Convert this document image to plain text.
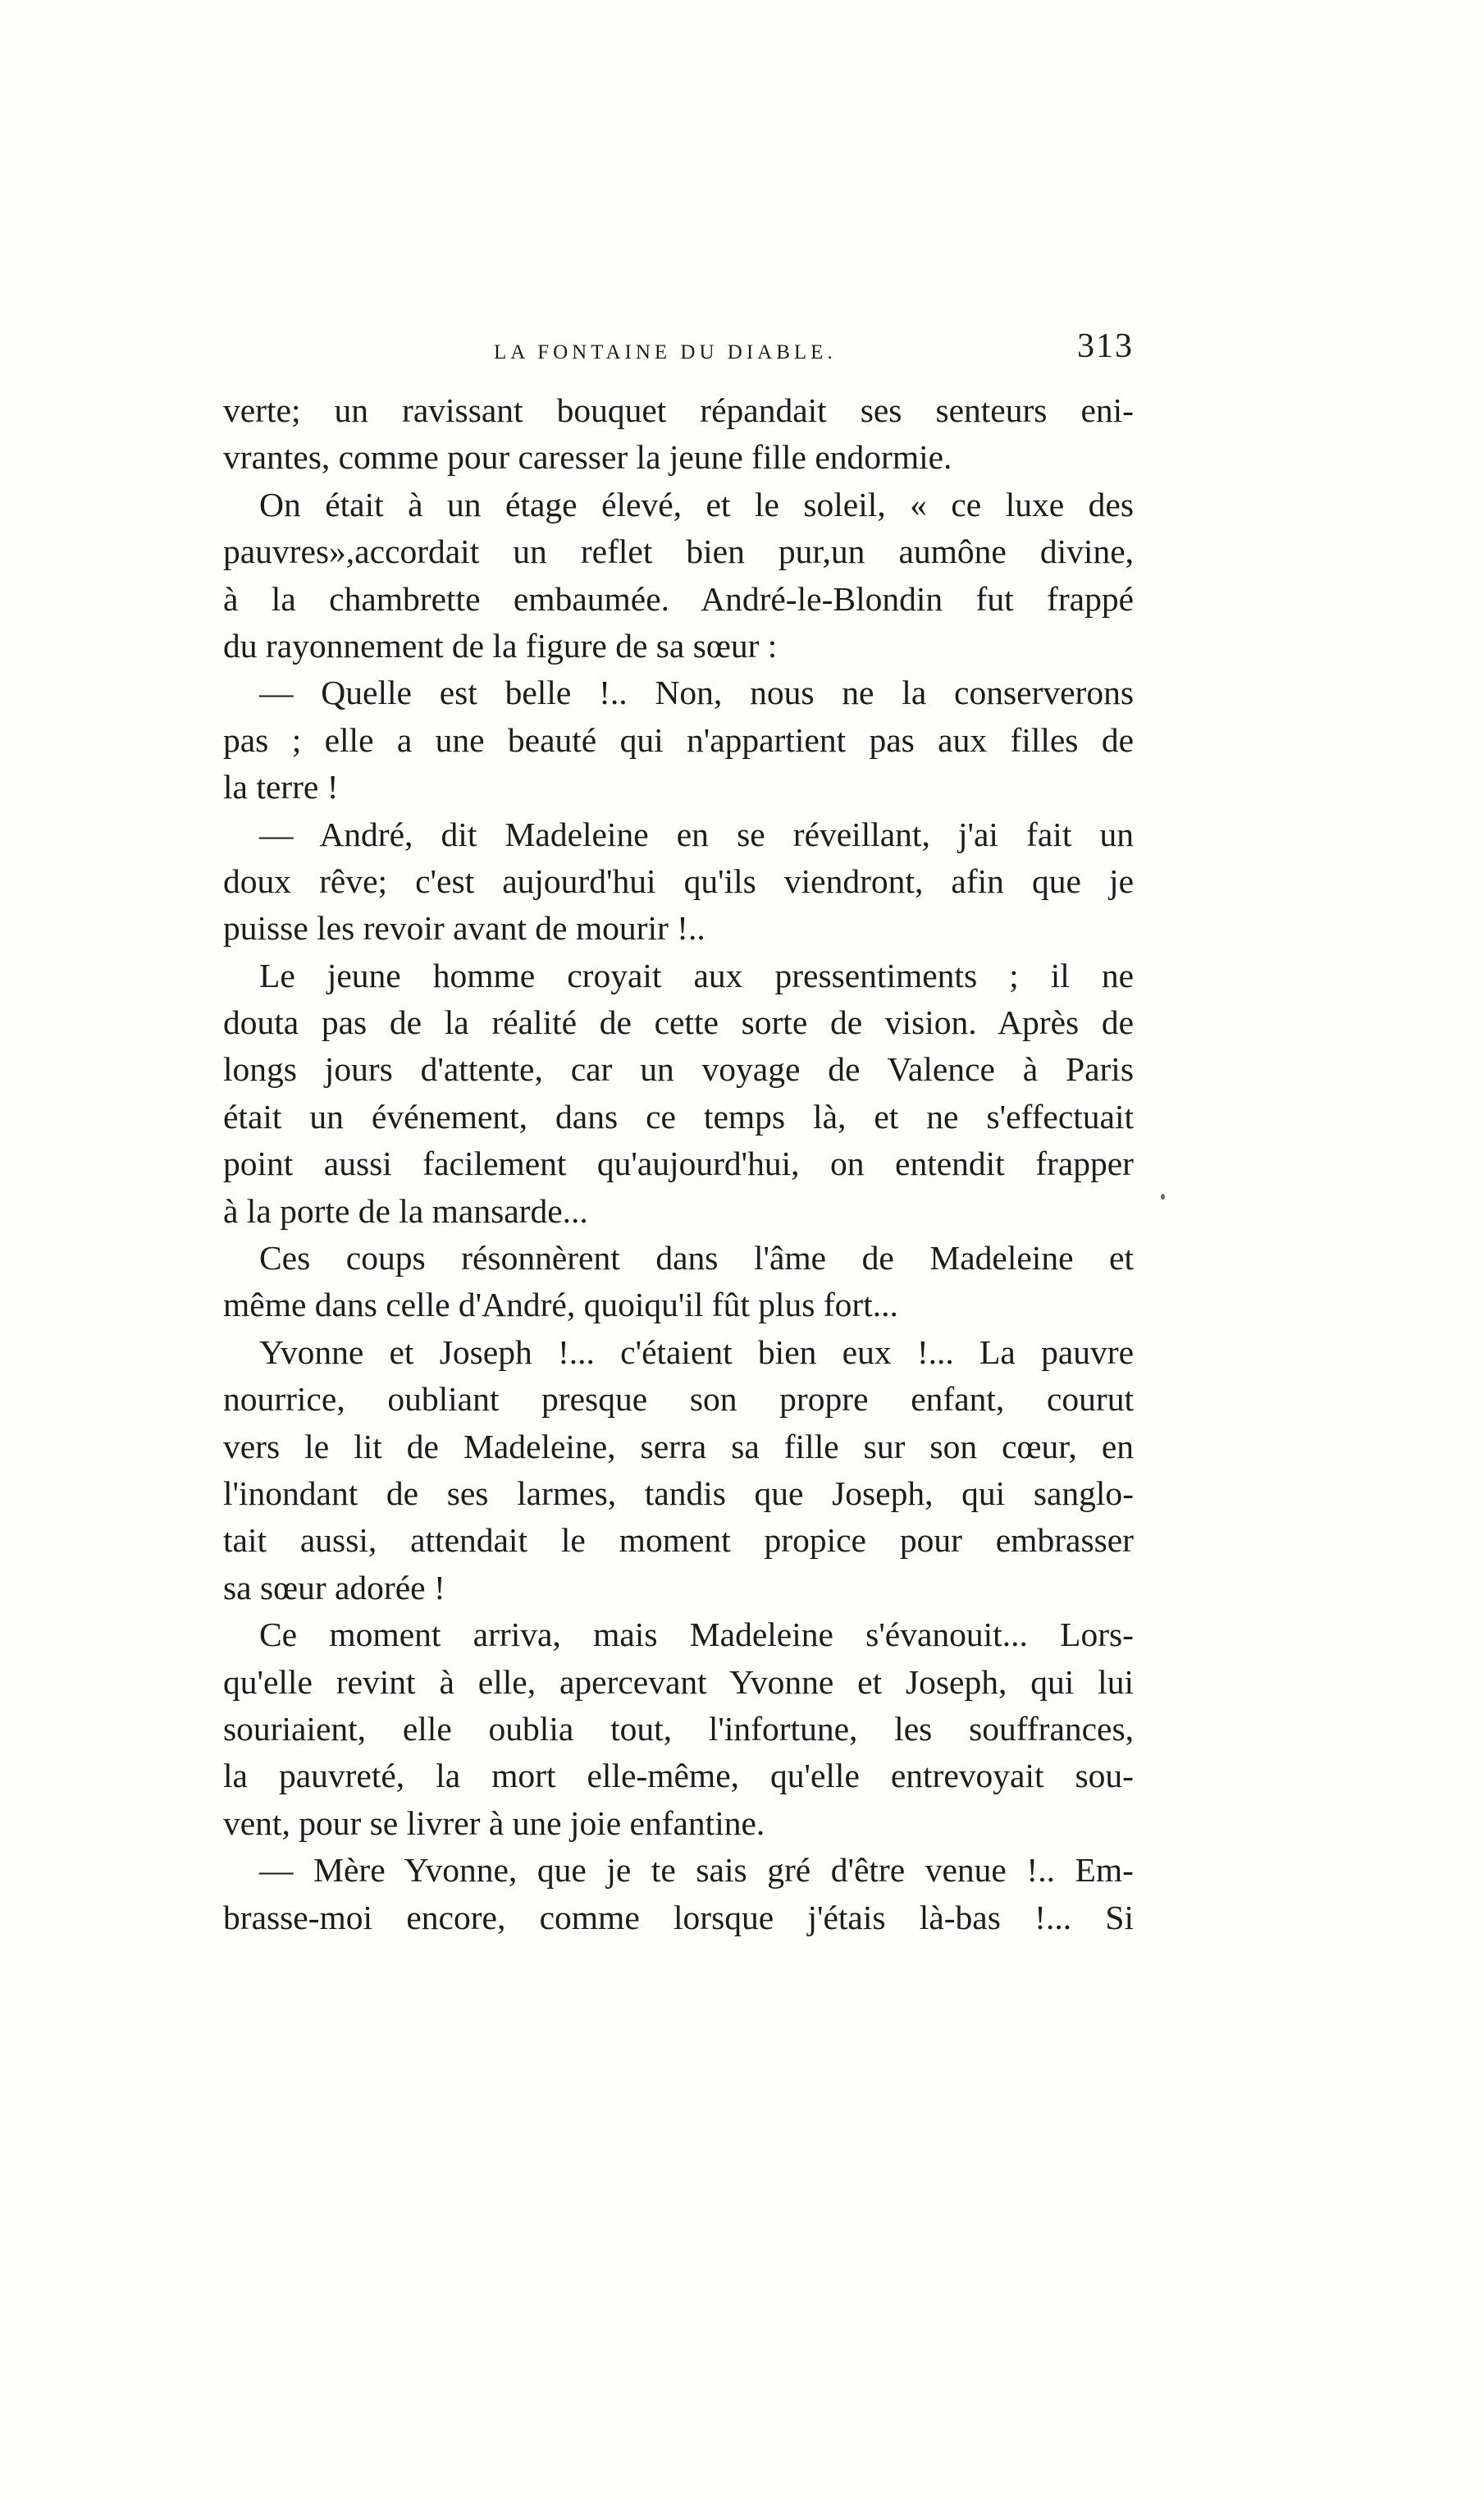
LA FONTAINE DU DIABLE.	313
verte; un ravissant bouquet répandait ses senteurs eni-
vrantes, comme pour caresser la jeune fille endormie.
On était à un étage élevé, et le soleil, « ce luxe des
pauvres»,accordait un reflet bien pur,un aumône divine,
à la chambrette embaumée. André-le-Blondin fut frappé
du rayonnement de la figure de sa sœur :
— Quelle est belle !.. Non, nous ne la conserverons
pas ; elle a une beauté qui n'appartient pas aux filles de
la terre !
— André, dit Madeleine en se réveillant, j'ai fait un
doux rêve; c'est aujourd'hui qu'ils viendront, afin que je
puisse les revoir avant de mourir !..
Le jeune homme croyait aux pressentiments ; il ne
douta pas de la réalité de cette sorte de vision. Après de
longs jours d'attente, car un voyage de Valence à Paris
était un événement, dans ce temps là, et ne s'effectuait
point aussi facilement qu'aujourd'hui, on entendit frapper
à la porte de la mansarde...
Ces coups résonnèrent dans l'âme de Madeleine et
même dans celle d'André, quoiqu'il fût plus fort...
Yvonne et Joseph !... c'étaient bien eux !... La pauvre
nourrice, oubliant presque son propre enfant, courut
vers le lit de Madeleine, serra sa fille sur son cœur, en
l'inondant de ses larmes, tandis que Joseph, qui sanglo-
tait aussi, attendait le moment propice pour embrasser
sa sœur adorée !
Ce moment arriva, mais Madeleine s'évanouit... Lors-
qu'elle revint à elle, apercevant Yvonne et Joseph, qui lui
souriaient, elle oublia tout, l'infortune, les souffrances,
la pauvreté, la mort elle-même, qu'elle entrevoyait sou-
vent, pour se livrer à une joie enfantine.
— Mère Yvonne, que je te sais gré d'être venue !.. Em-
brasse-moi encore, comme lorsque j'étais là-bas !... Si
